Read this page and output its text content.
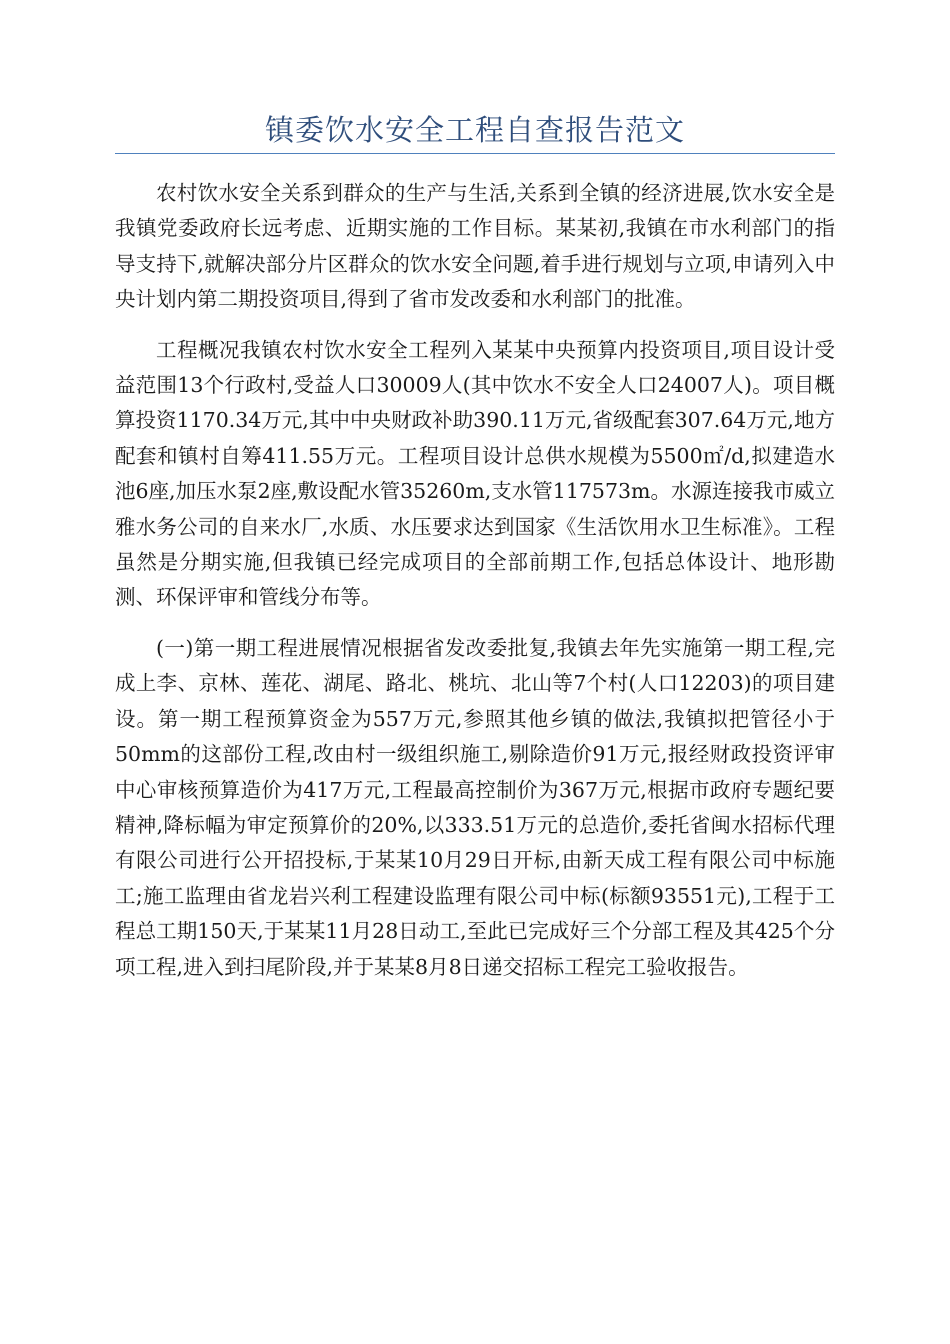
镇委饮水安全工程自查报告范文

农村饮水安全关系到群众的生产与生活,关系到全镇的经济进展,饮水安全是我镇党委政府长远考虑、近期实施的工作目标。某某初,我镇在市水利部门的指导支持下,就解决部分片区群众的饮水安全问题,着手进行规划与立项,申请列入中央计划内第二期投资项目,得到了省市发改委和水利部门的批准。

工程概况我镇农村饮水安全工程列入某某中央预算内投资项目,项目设计受益范围13个行政村,受益人口30009人(其中饮水不安全人口24007人)。项目概算投资1170.34万元,其中中央财政补助390.11万元,省级配套307.64万元,地方配套和镇村自筹411.55万元。工程项目设计总供水规模为5500㎡/d,拟建造水池6座,加压水泵2座,敷设配水管35260m,支水管117573m。水源连接我市威立雅水务公司的自来水厂,水质、水压要求达到国家《生活饮用水卫生标准》。工程虽然是分期实施,但我镇已经完成项目的全部前期工作,包括总体设计、地形勘测、环保评审和管线分布等。

(一)第一期工程进展情况根据省发改委批复,我镇去年先实施第一期工程,完成上李、京林、莲花、湖尾、路北、桃坑、北山等7个村(人口12203)的项目建设。第一期工程预算资金为557万元,参照其他乡镇的做法,我镇拟把管径小于50mm的这部份工程,改由村一级组织施工,剔除造价91万元,报经财政投资评审中心审核预算造价为417万元,工程最高控制价为367万元,根据市政府专题纪要精神,降标幅为审定预算价的20%,以333.51万元的总造价,委托省闽水招标代理有限公司进行公开招投标,于某某10月29日开标,由新天成工程有限公司中标施工;施工监理由省龙岩兴利工程建设监理有限公司中标(标额93551元),工程于工程总工期150天,于某某11月28日动工,至此已完成好三个分部工程及其425个分项工程,进入到扫尾阶段,并于某某8月8日递交招标工程完工验收报告。
